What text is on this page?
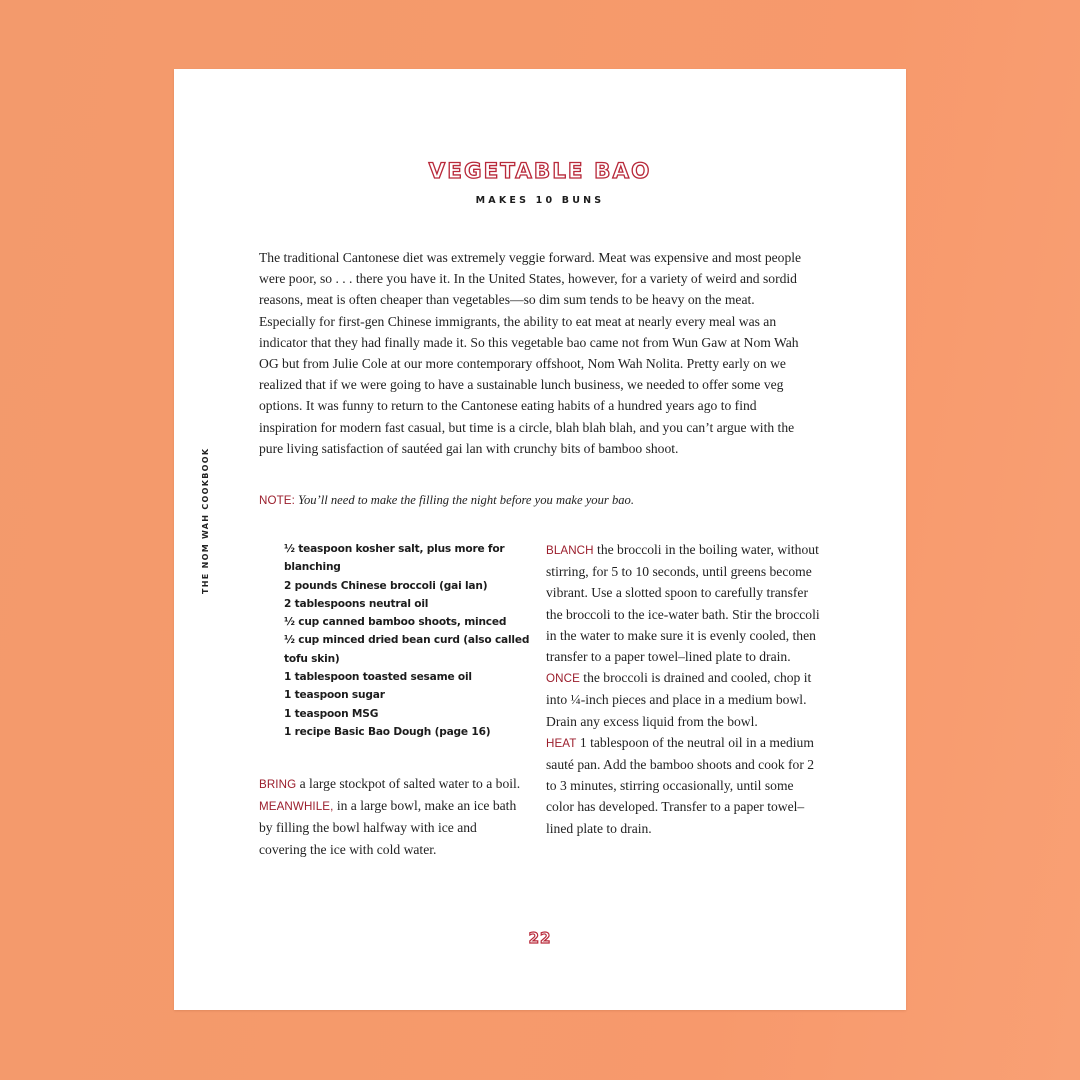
THE NOM WAH COOKBOOK
VEGETABLE BAO
MAKES 10 BUNS

The traditional Cantonese diet was extremely veggie forward. Meat was expensive and most people were poor, so . . . there you have it. In the United States, however, for a variety of weird and sordid reasons, meat is often cheaper than vegetables—so dim sum tends to be heavy on the meat. Especially for first-gen Chinese immigrants, the ability to eat meat at nearly every meal was an indicator that they had finally made it. So this vegetable bao came not from Wun Gaw at Nom Wah OG but from Julie Cole at our more contemporary offshoot, Nom Wah Nolita. Pretty early on we realized that if we were going to have a sustainable lunch business, we needed to offer some veg options. It was funny to return to the Cantonese eating habits of a hundred years ago to find inspiration for modern fast casual, but time is a circle, blah blah blah, and you can’t argue with the pure living satisfaction of sautéed gai lan with crunchy bits of bamboo shoot.

NOTE: You’ll need to make the filling the night before you make your bao.
½ teaspoon kosher salt, plus more for blanching
2 pounds Chinese broccoli (gai lan)
2 tablespoons neutral oil
½ cup canned bamboo shoots, minced
½ cup minced dried bean curd (also called tofu skin)
1 tablespoon toasted sesame oil
1 teaspoon sugar
1 teaspoon MSG
1 recipe Basic Bao Dough (page 16)

BRING a large stockpot of salted water to a boil.

MEANWHILE, in a large bowl, make an ice bath by filling the bowl halfway with ice and covering the ice with cold water.

BLANCH the broccoli in the boiling water, without stirring, for 5 to 10 seconds, until greens become vibrant. Use a slotted spoon to carefully transfer the broccoli to the ice-water bath. Stir the broccoli in the water to make sure it is evenly cooled, then transfer to a paper towel–lined plate to drain.

ONCE the broccoli is drained and cooled, chop it into ¼-inch pieces and place in a medium bowl. Drain any excess liquid from the bowl.

HEAT 1 tablespoon of the neutral oil in a medium sauté pan. Add the bamboo shoots and cook for 2 to 3 minutes, stirring occasionally, until some color has developed. Transfer to a paper towel–lined plate to drain.

22
